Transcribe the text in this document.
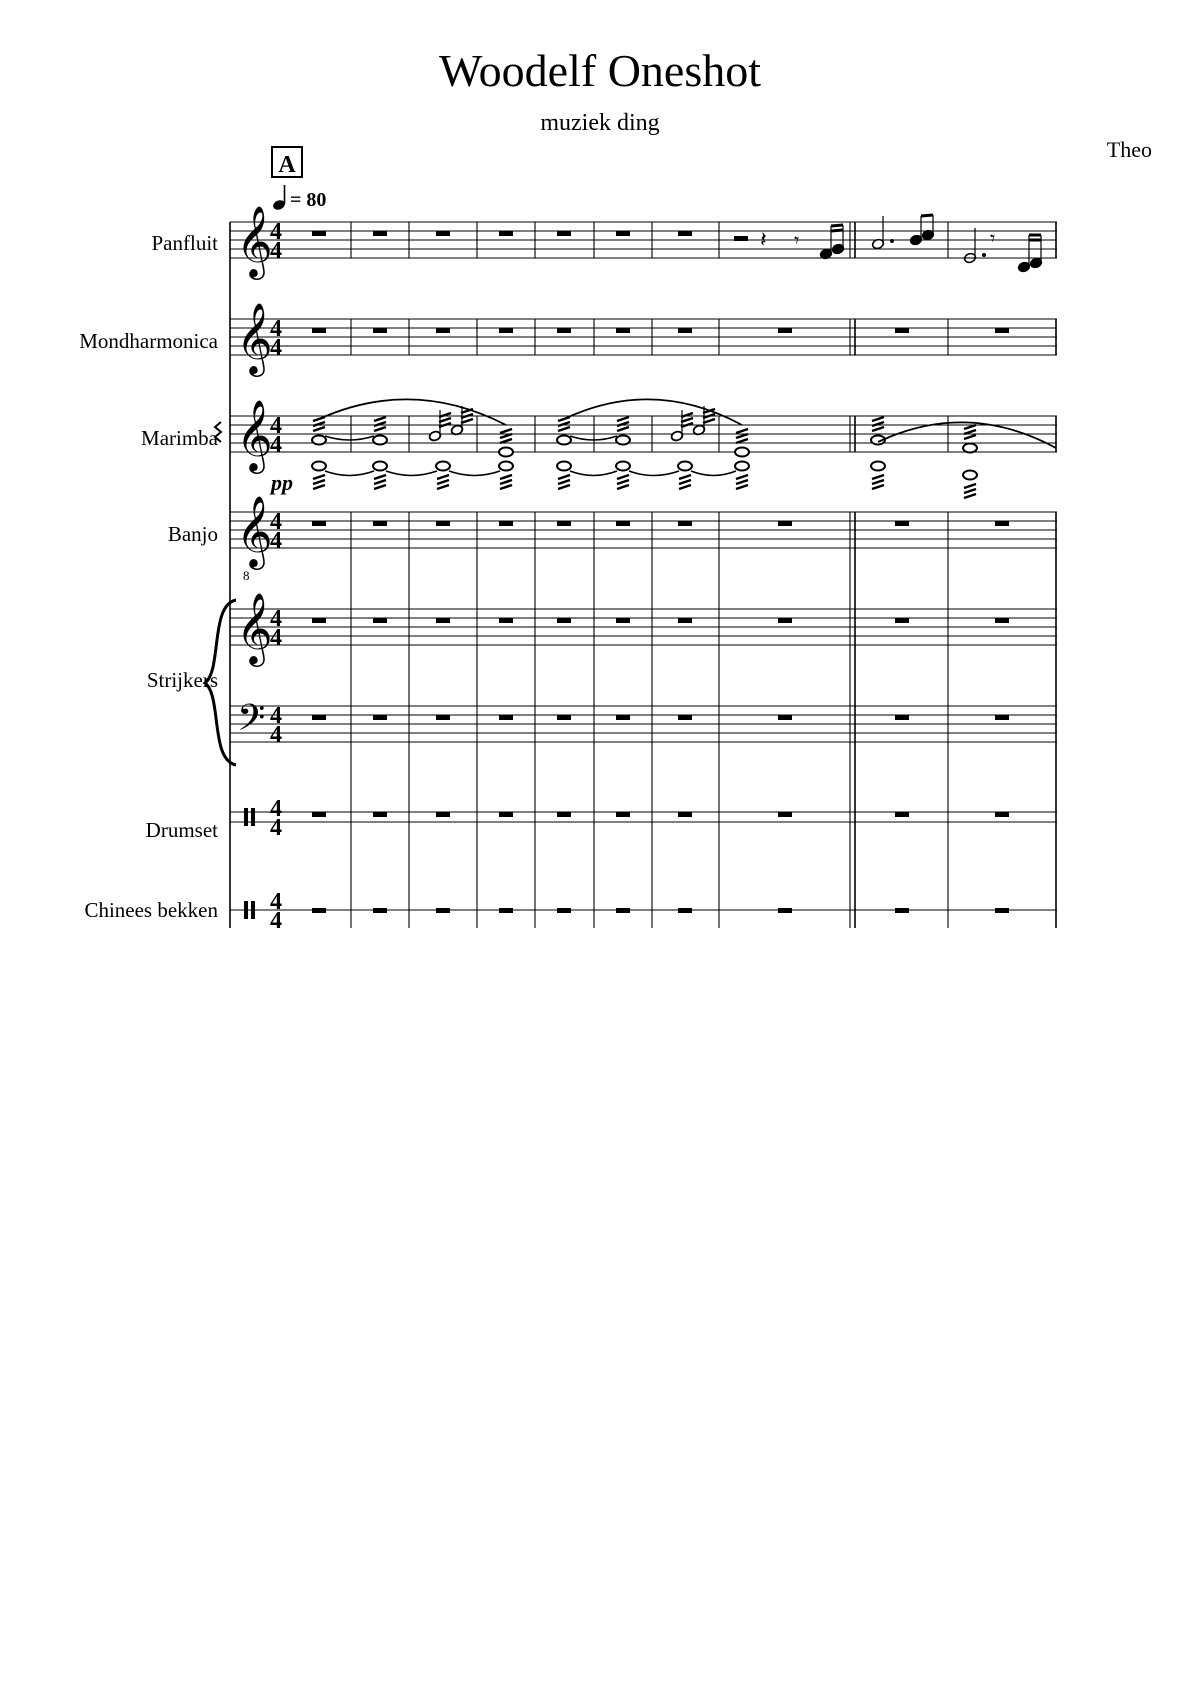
Woodelf Oneshot
muziek ding
Theo
Panfluit
Mondharmonica
Marimba
Banjo
Strijkers
Drumset
Chinees bekken
𝄞
4
4
𝄞
4
4
𝄞
4
4
𝄞
4
4
𝄞
4
4
𝄢 4
4
4
4
4
4
𝄽 𝄾	𝄾
A
= 80
pp
8
